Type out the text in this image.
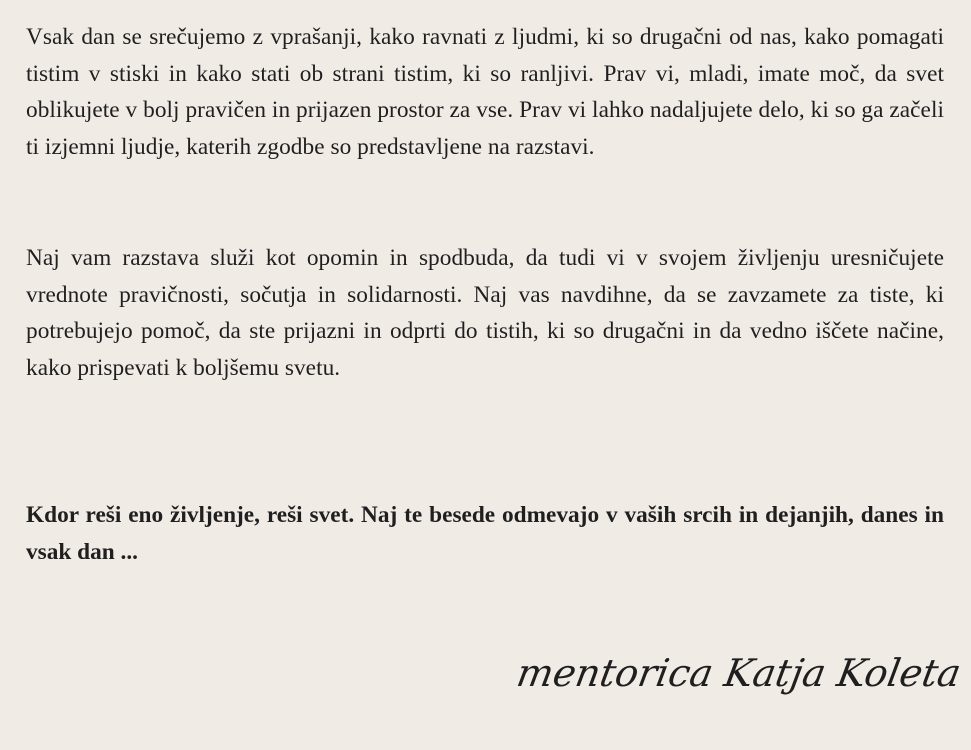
Vsak dan se srečujemo z vprašanji, kako ravnati z ljudmi, ki so drugačni od nas, kako pomagati tistim v stiski in kako stati ob strani tistim, ki so ranljivi. Prav vi, mladi, imate moč, da svet oblikujete v bolj pravičen in prijazen prostor za vse. Prav vi lahko nadaljujete delo, ki so ga začeli ti izjemni ljudje, katerih zgodbe so predstavljene na razstavi.

Naj vam razstava služi kot opomin in spodbuda, da tudi vi v svojem življenju uresničujete vrednote pravičnosti, sočutja in solidarnosti. Naj vas navdihne, da se zavzamete za tiste, ki potrebujejo pomoč, da ste prijazni in odprti do tistih, ki so drugačni in da vedno iščete načine, kako prispevati k boljšemu svetu.

Kdor reši eno življenje, reši svet. Naj te besede odmevajo v vaših srcih in dejanjih, danes in vsak dan ...

mentorica Katja Koleta
